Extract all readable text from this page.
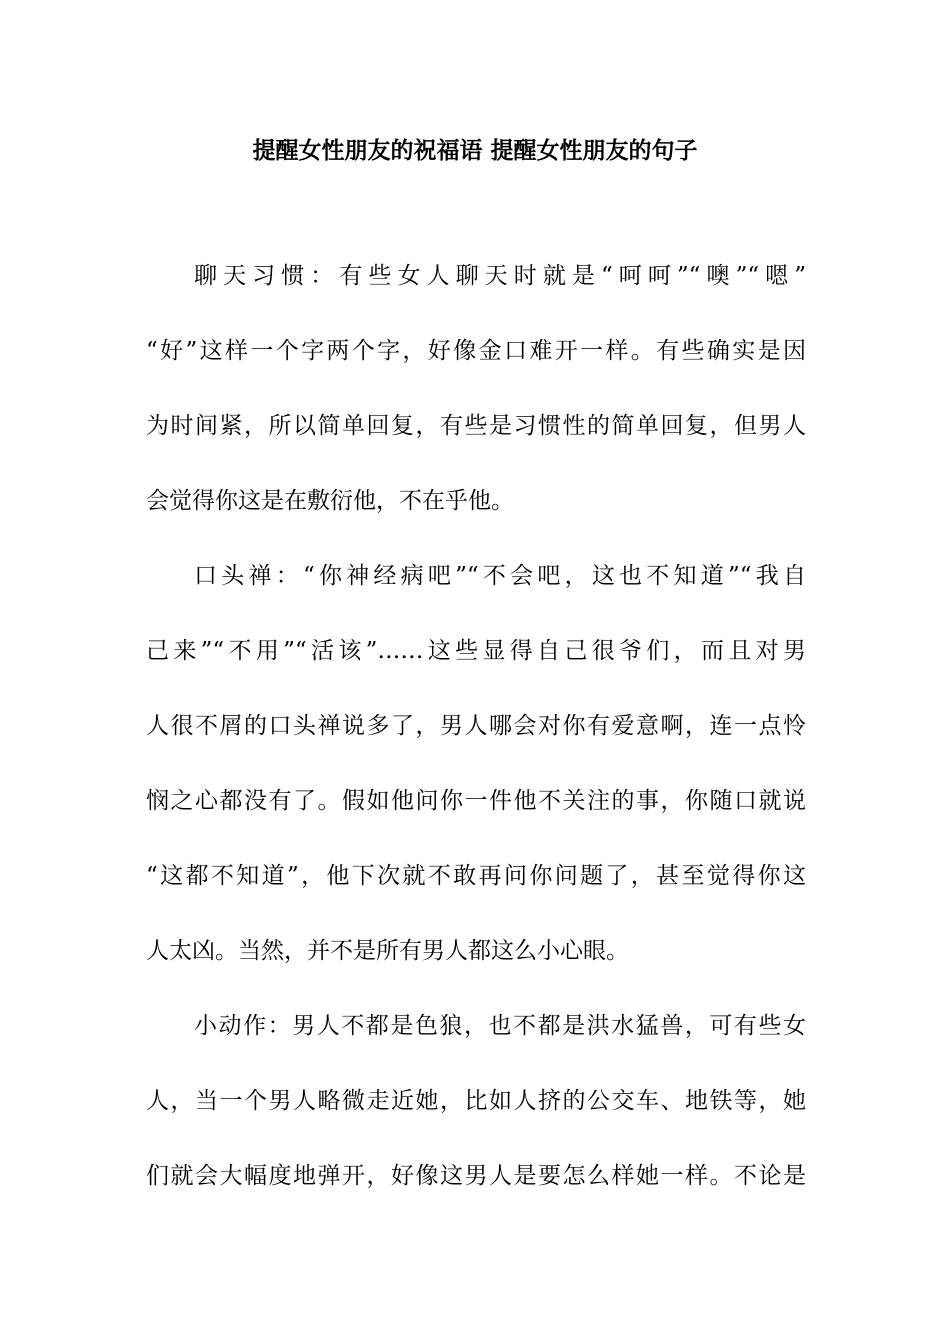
提醒女性朋友的祝福语 提醒女性朋友的句子

聊天习惯：有些女人聊天时就是“呵呵”“噢”“嗯”
“好”这样一个字两个字，好像金口难开一样。有些确实是因
为时间紧，所以简单回复，有些是习惯性的简单回复，但男人
会觉得你这是在敷衍他，不在乎他。

口头禅：“你神经病吧”“不会吧，这也不知道”“我自
己来”“不用”“活该”……这些显得自己很爷们，而且对男
人很不屑的口头禅说多了，男人哪会对你有爱意啊，连一点怜
悯之心都没有了。假如他问你一件他不关注的事，你随口就说
“这都不知道”，他下次就不敢再问你问题了，甚至觉得你这
人太凶。当然，并不是所有男人都这么小心眼。

小动作：男人不都是色狼，也不都是洪水猛兽，可有些女
人，当一个男人略微走近她，比如人挤的公交车、地铁等，她
们就会大幅度地弹开，好像这男人是要怎么样她一样。不论是
